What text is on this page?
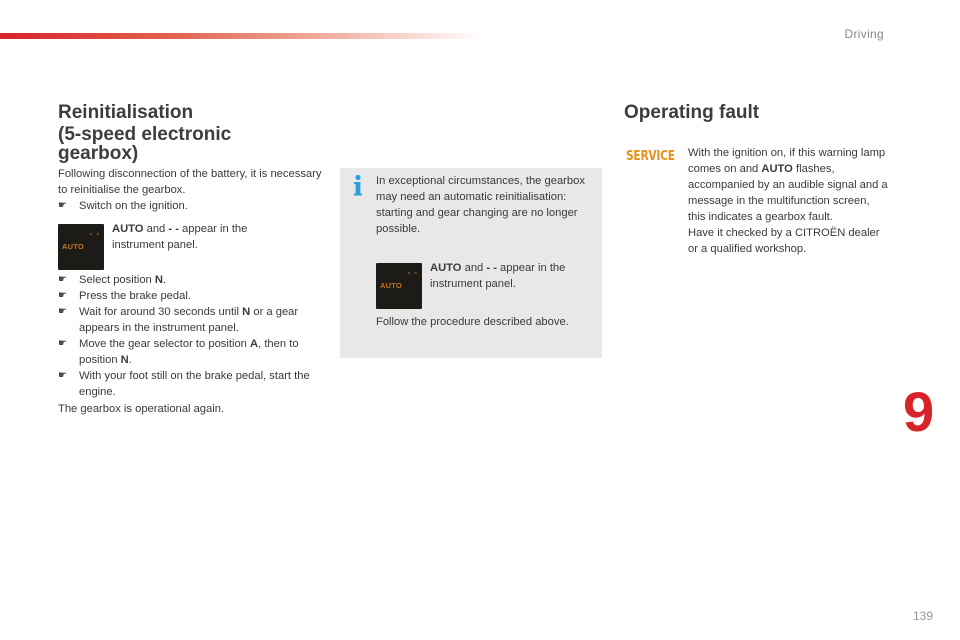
Driving
Reinitialisation
(5-speed electronic gearbox)
Following disconnection of the battery, it is necessary to reinitialise the gearbox.
☛ Switch on the ignition.
- -
AUTO
AUTO and - - appear in the instrument panel.
☛ Select position N.
☛ Press the brake pedal.
☛ Wait for around 30 seconds until N or a gear appears in the instrument panel.
☛ Move the gear selector to position A, then to position N.
☛ With your foot still on the brake pedal, start the engine.
The gearbox is operational again.
In exceptional circumstances, the gearbox may need an automatic reinitialisation: starting and gear changing are no longer possible.
- -
AUTO
AUTO and - - appear in the instrument panel.
Follow the procedure described above.
Operating fault
SERVICE With the ignition on, if this warning lamp comes on and AUTO flashes, accompanied by an audible signal and a message in the multifunction screen, this indicates a gearbox fault.
Have it checked by a CITROËN dealer or a qualified workshop.
9
139
